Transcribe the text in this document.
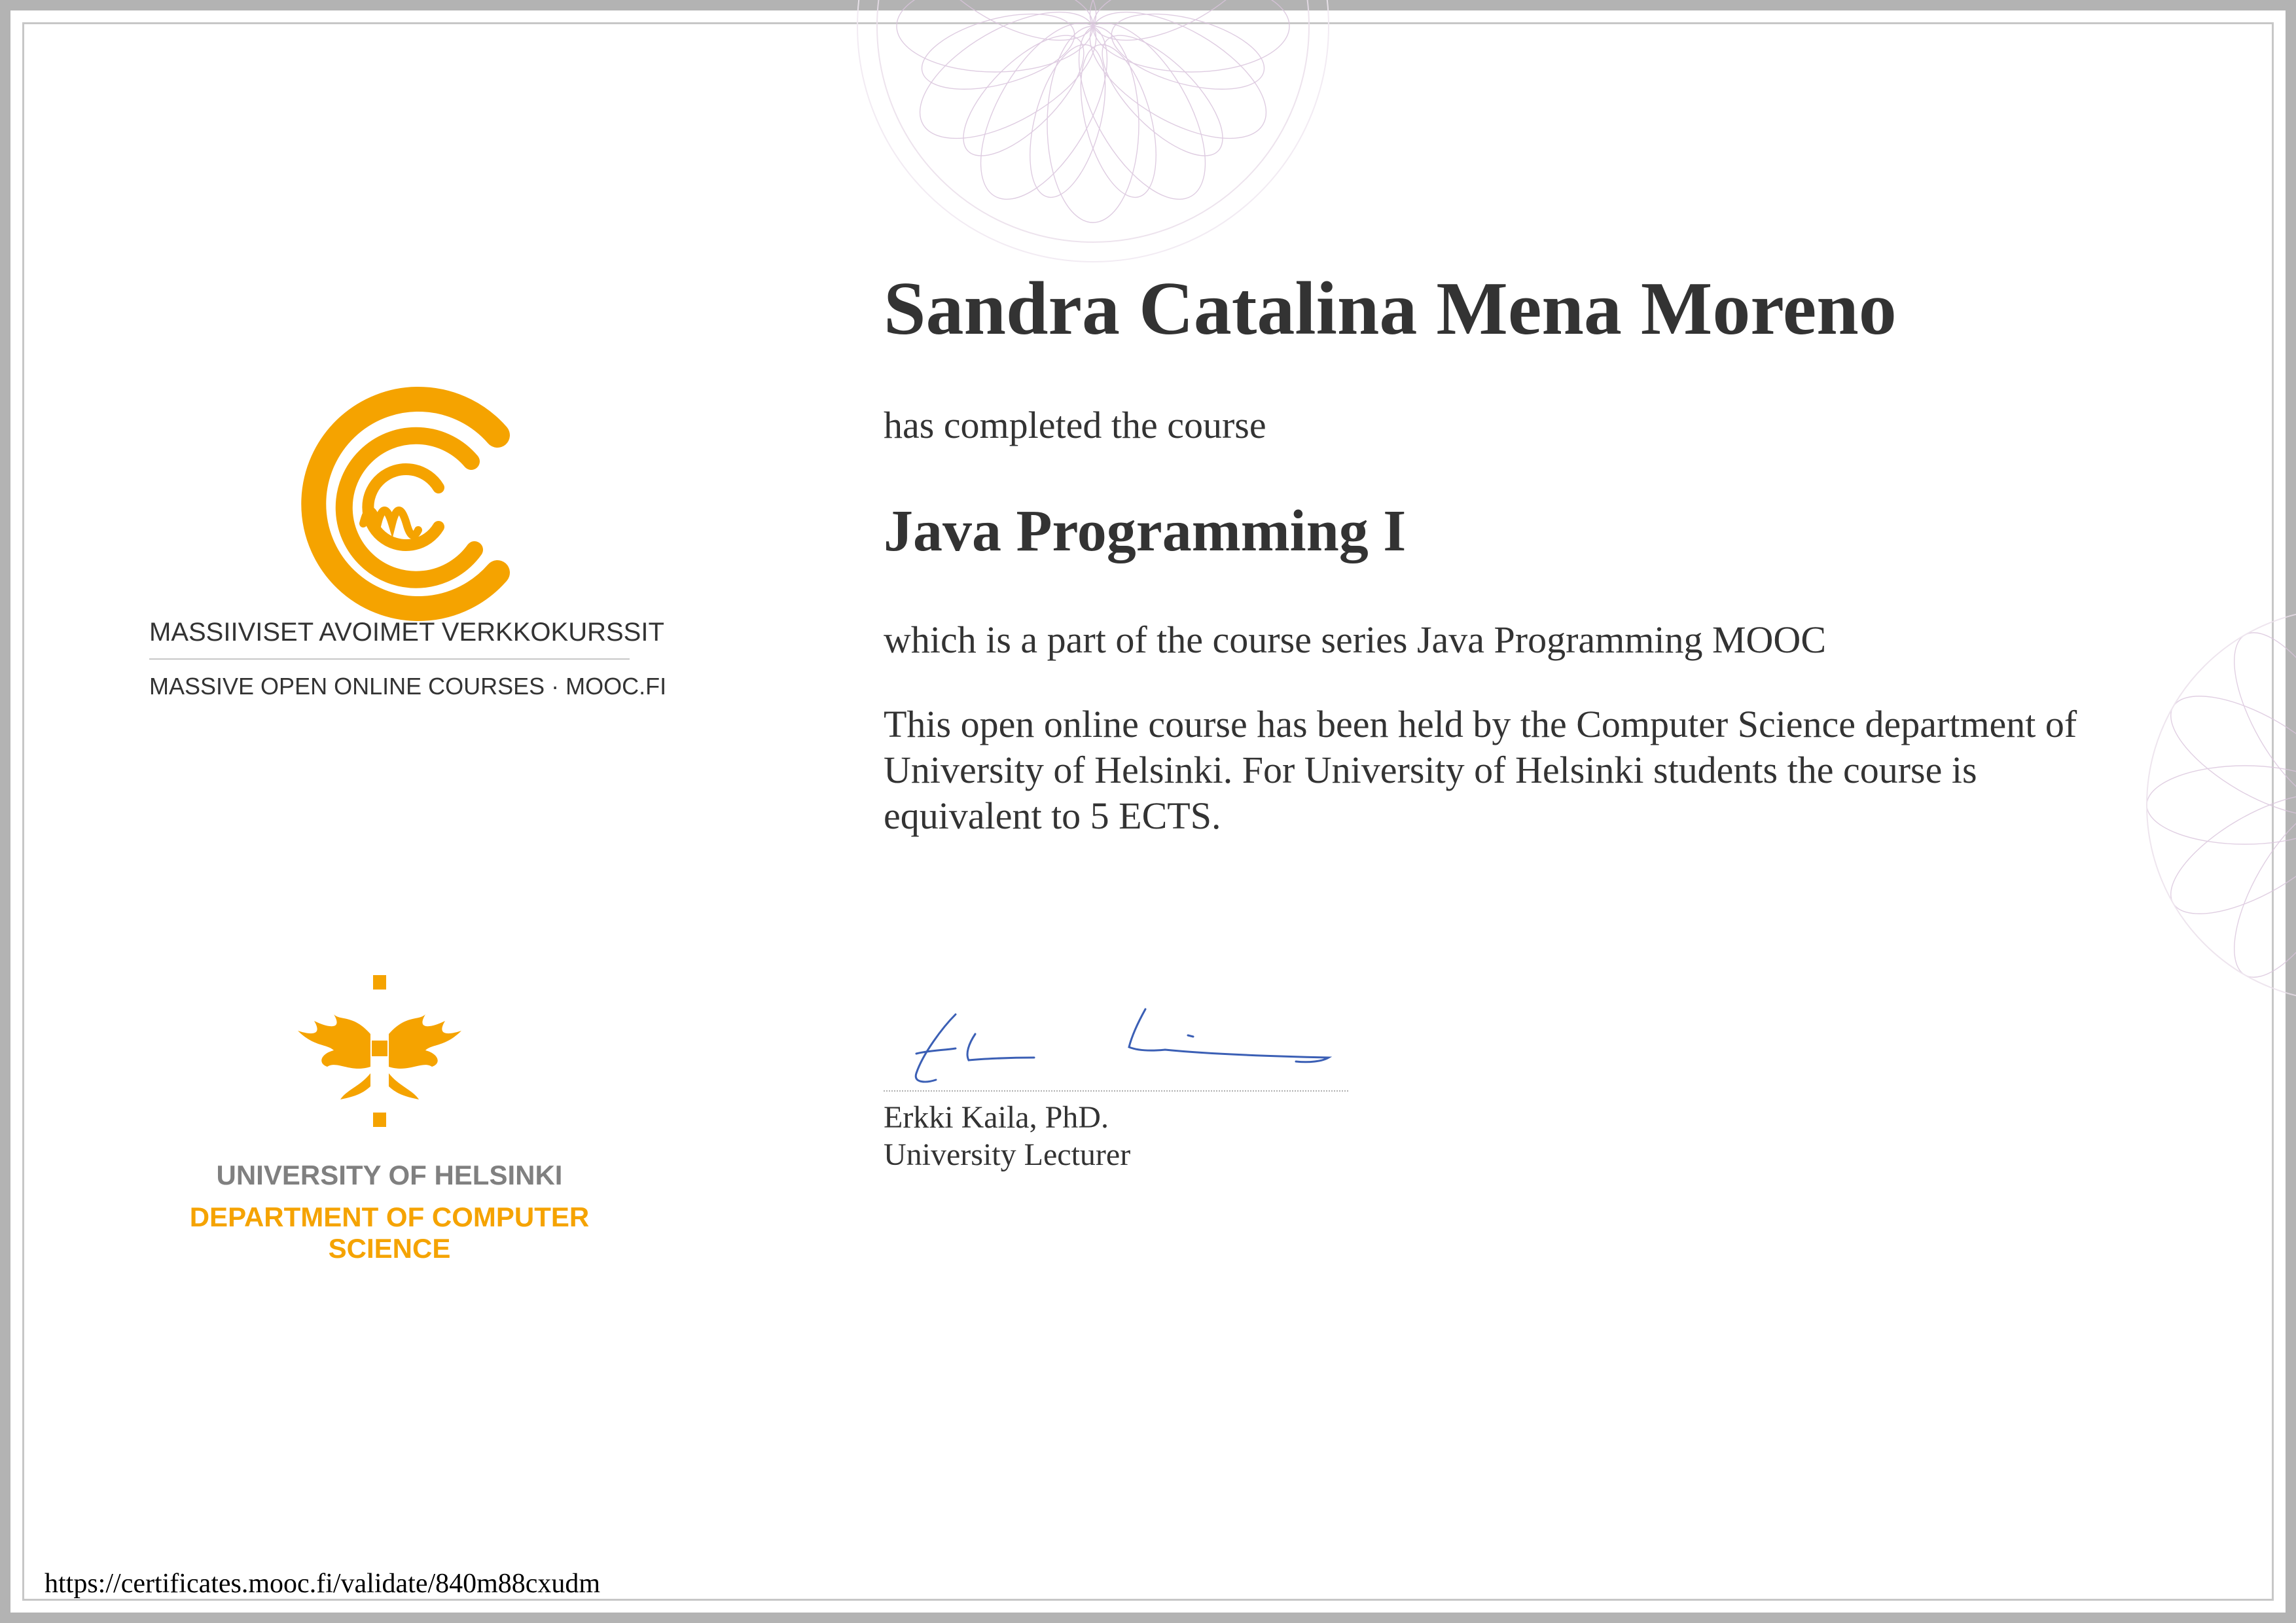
MASSIIVISET AVOIMET VERKKOKURSSIT
MASSIVE OPEN ONLINE COURSES · MOOC.FI
UNIVERSITY OF HELSINKI
DEPARTMENT OF COMPUTER SCIENCE
Sandra Catalina Mena Moreno
has completed the course
Java Programming I
which is a part of the course series Java Programming MOOC
This open online course has been held by the Computer Science department of University of Helsinki. For University of Helsinki students the course is equivalent to 5 ECTS.
Erkki Kaila, PhD.
University Lecturer
https://certificates.mooc.fi/validate/840m88cxudm
